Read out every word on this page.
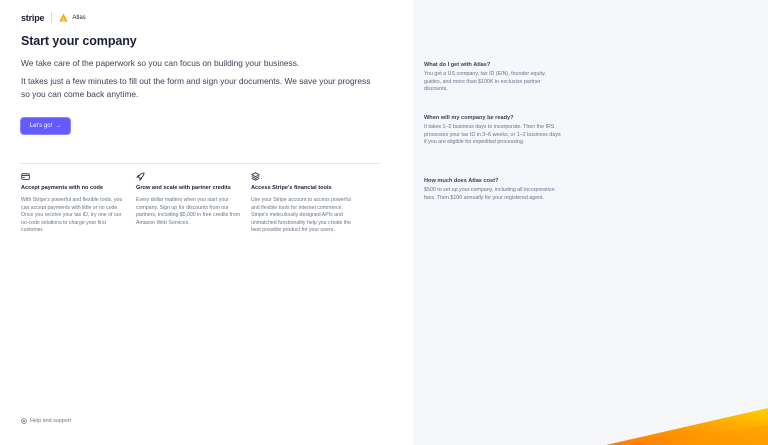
stripe	Atlas
Start your company

We take care of the paperwork so you can focus on building your business.

It takes just a few minutes to fill out the form and sign your documents. We save your progress so you can come back anytime.

Let's go! →
Accept payments with no code
With Stripe's powerful and flexible tools, you can accept payments with little or no code. Once you receive your tax ID, try one of our no-code solutions to charge your first customer.
Grow and scale with partner credits
Every dollar matters when you start your company. Sign up for discounts from our partners, including $5,000 in free credits from Amazon Web Services.
Access Stripe's financial tools
Use your Stripe account to access powerful and flexible tools for internet commerce. Stripe's meticulously designed APIs and unmatched functionality help you create the best possible product for your users.
Help and support
What do I get with Atlas?
You get a US company, tax ID (EIN), founder equity, guides, and more than $100K in exclusive partner discounts.
When will my company be ready?
It takes 1–2 business days to incorporate. Then the IRS processes your tax ID in 3–6 weeks, or 1–2 business days if you are eligible for expedited processing.
How much does Atlas cost?
$500 to set up your company, including all incorporation fees. Then $100 annually for your registered agent.
